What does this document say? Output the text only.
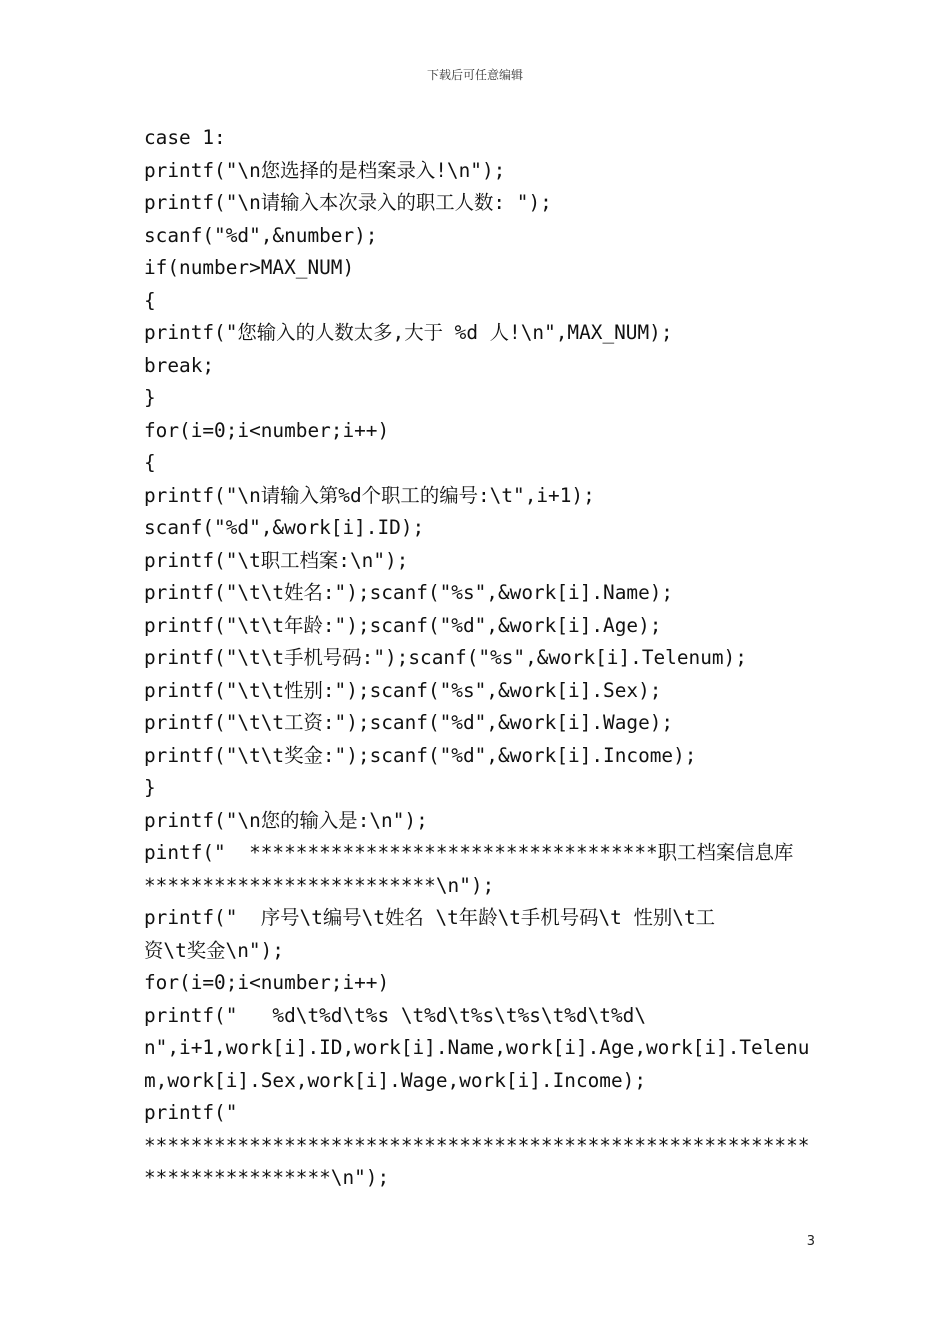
下载后可任意编辑
case 1:
printf("\n您选择的是档案录入!\n");
printf("\n请输入本次录入的职工人数: ");
scanf("%d",&number);
if(number>MAX_NUM)
{
printf("您输入的人数太多,大于 %d 人!\n",MAX_NUM);
break;
}
for(i=0;i<number;i++)
{
printf("\n请输入第%d个职工的编号:\t",i+1);
scanf("%d",&work[i].ID);
printf("\t职工档案:\n");
printf("\t\t姓名:");scanf("%s",&work[i].Name);
printf("\t\t年龄:");scanf("%d",&work[i].Age);
printf("\t\t手机号码:");scanf("%s",&work[i].Telenum);
printf("\t\t性别:");scanf("%s",&work[i].Sex);
printf("\t\t工资:");scanf("%d",&work[i].Wage);
printf("\t\t奖金:");scanf("%d",&work[i].Income);
}
printf("\n您的输入是:\n");
pintf("  ***********************************职工档案信息库
*************************\n");
printf("  序号\t编号\t姓名 \t年龄\t手机号码\t 性别\t工
资\t奖金\n");
for(i=0;i<number;i++)
printf("   %d\t%d\t%s \t%d\t%s\t%s\t%d\t%d\
n",i+1,work[i].ID,work[i].Name,work[i].Age,work[i].Telenu
m,work[i].Sex,work[i].Wage,work[i].Income);
printf("
*********************************************************
****************\n");
3
